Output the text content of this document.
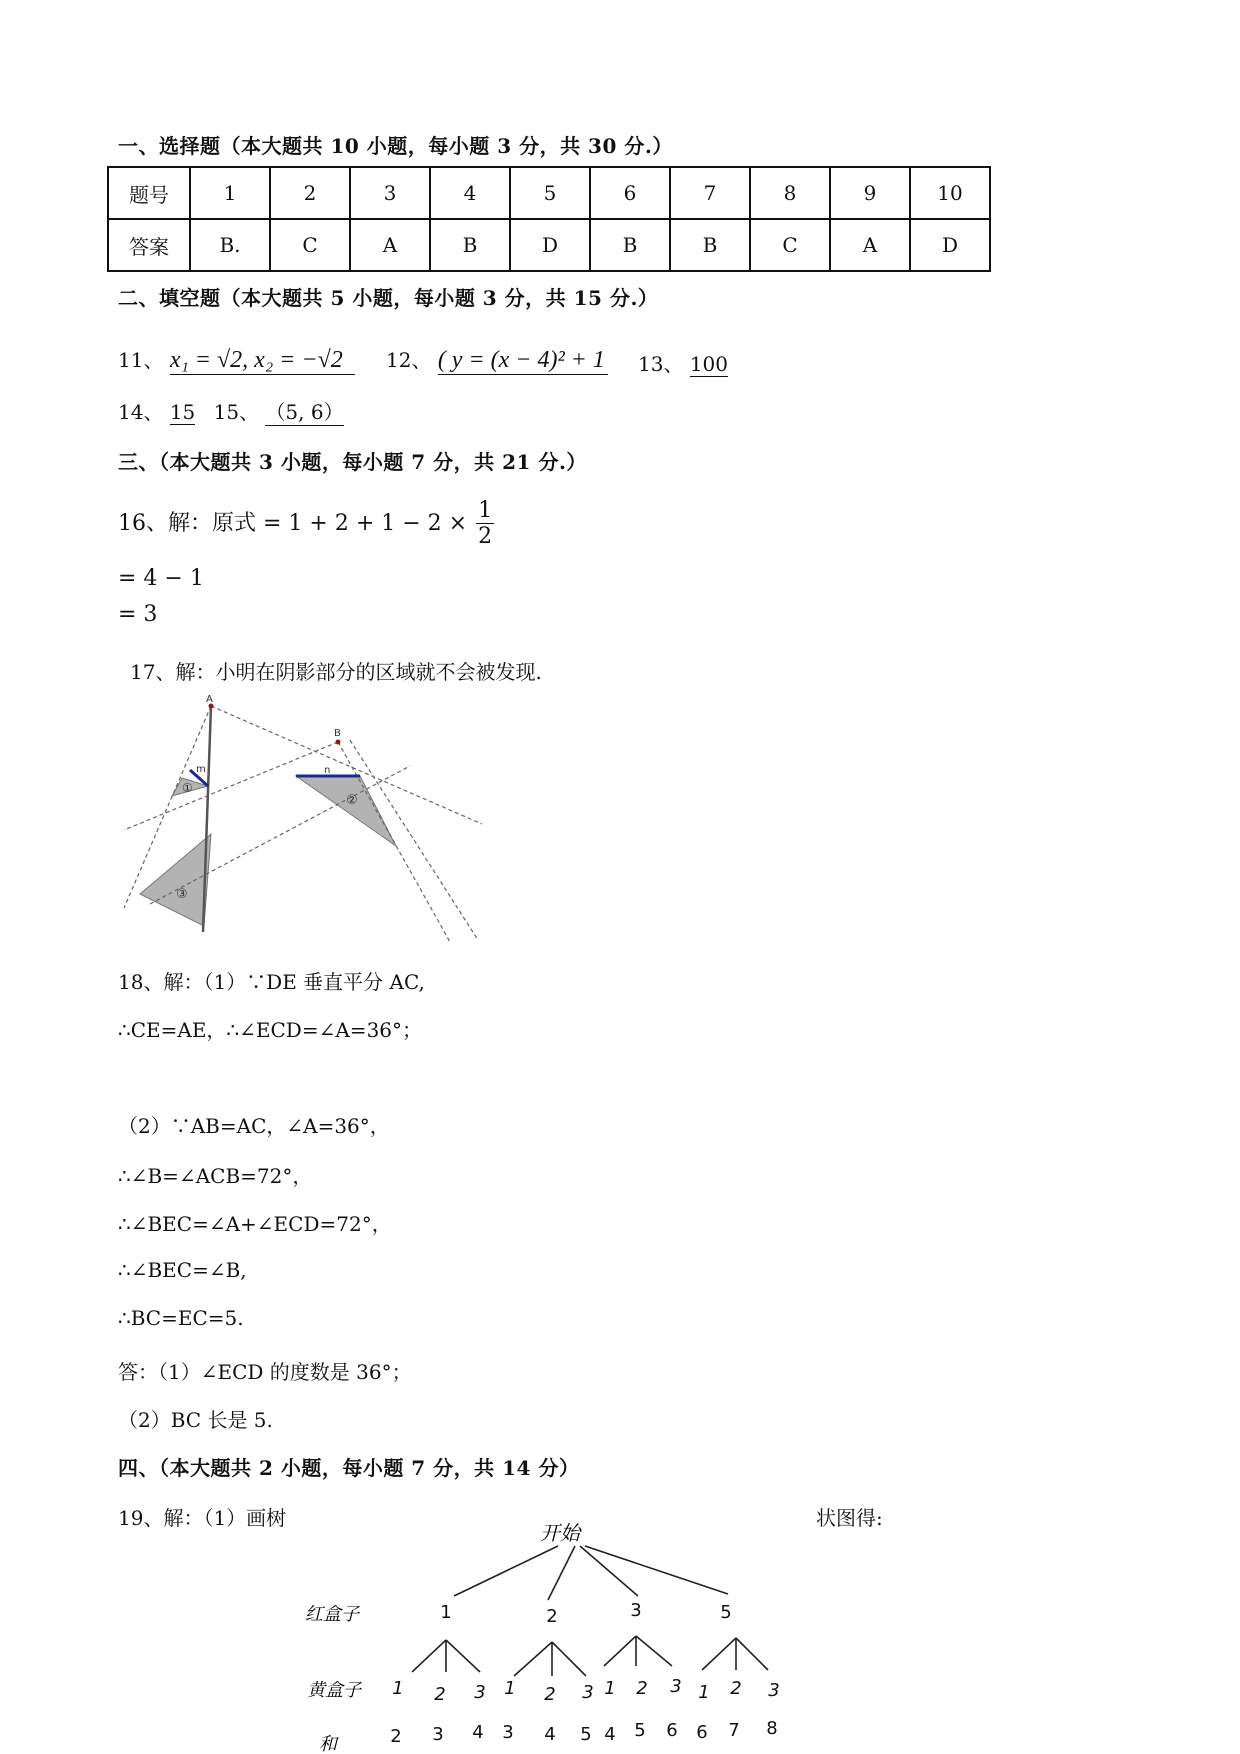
一、选择题（本大题共 10 小题，每小题 3 分，共 30 分.）
题号	1	2	3	4	5	6	7	8	9	10
答案	B.	C	A	B	D	B	B	C	A	D
二、填空题（本大题共 5 小题，每小题 3 分，共 15 分.）
11、 x₁ = √2, x₂ = −√2	12、 ( y = (x − 4)² + 1 13、 100
14、 15 15、 （5, 6）
三、（本大题共 3 小题，每小题 7 分，共 21 分.）
16、解：原式 = $1 + 2 + 1 - 2 \times \frac{1}{2}$
= 4 − 1
= 3
17、解：小明在阴影部分的区域就不会被发现.
A
B
m	n
①
②
③
18、解：（1）∵DE 垂直平分 AC,
∴CE=AE，∴∠ECD=∠A=36°；
（2）∵AB=AC，∠A=36°，
∴∠B=∠ACB=72°，
∴∠BEC=∠A+∠ECD=72°，
∴∠BEC=∠B,
∴BC=EC=5.
答：（1）∠ECD 的度数是 36°；
（2）BC 长是 5.
四、（本大题共 2 小题，每小题 7 分，共 14 分）
19、解：（1）画树	状图得:
开始
红盒子
黄盒子
和
1	2	3	5
1 2 3 1 2 3 1 2 3 1 2 3
2 3 4 3 4 5 4 5 6 6 7 8
